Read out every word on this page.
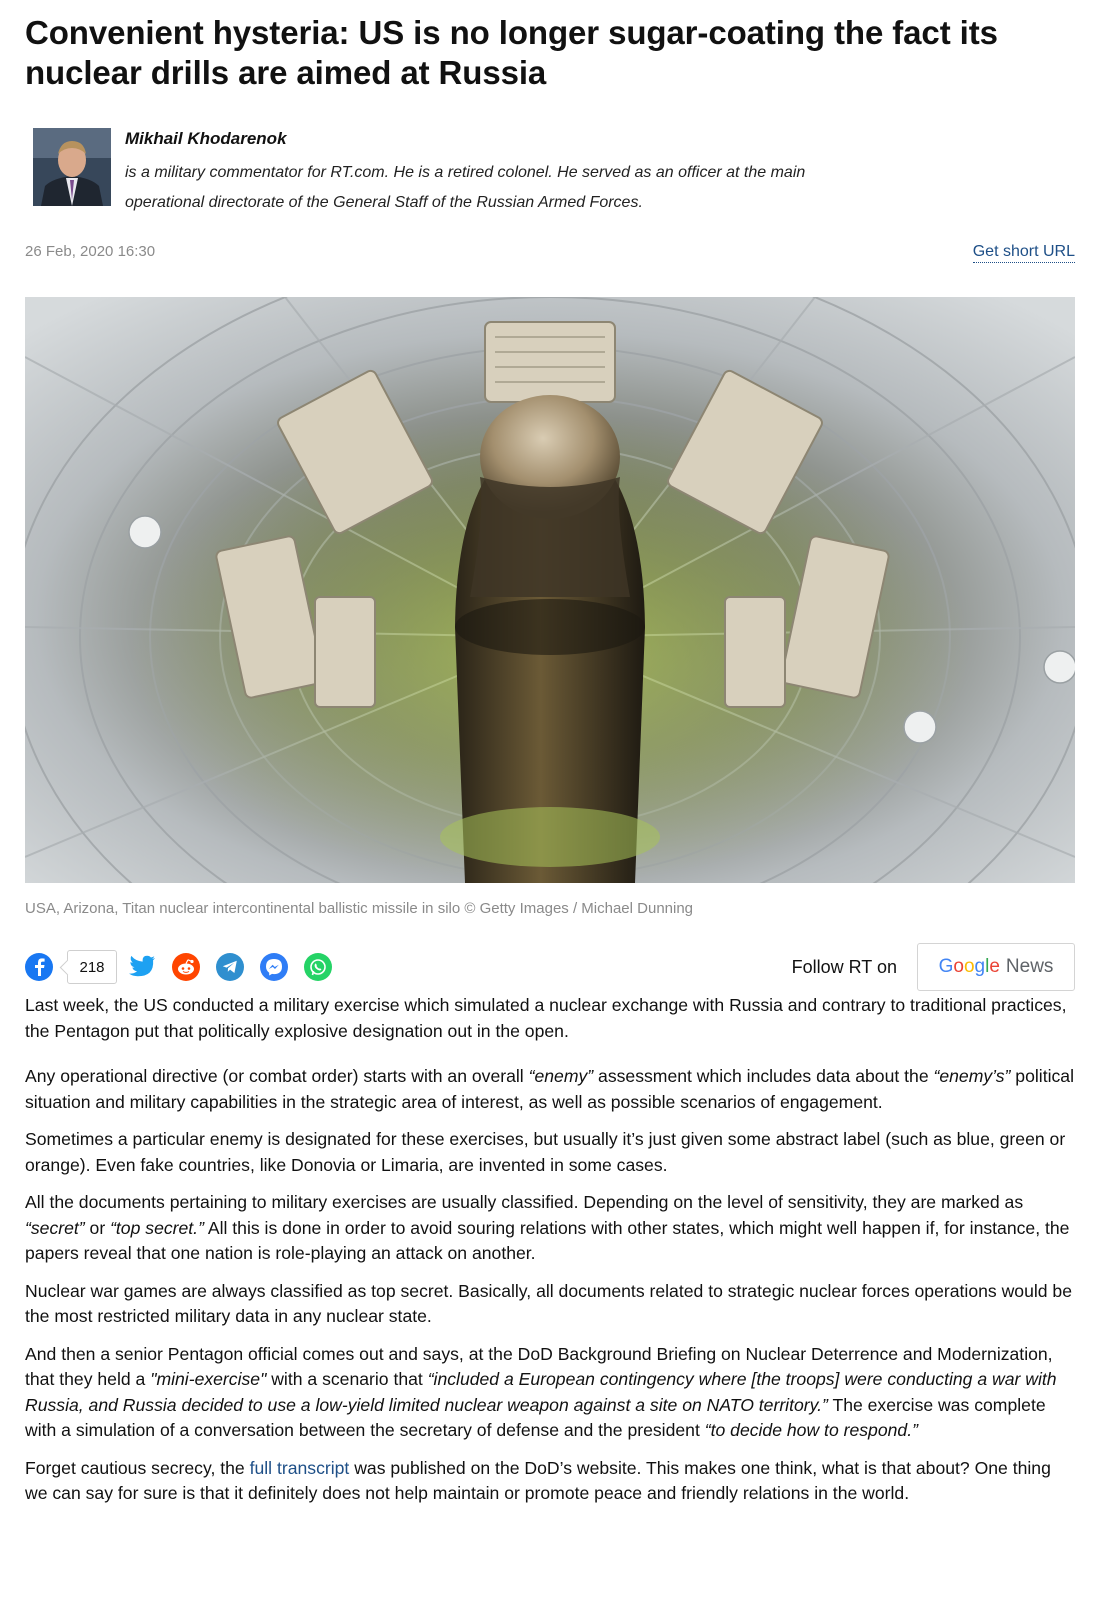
Convenient hysteria: US is no longer sugar-coating the fact its nuclear drills are aimed at Russia
Mikhail Khodarenok
is a military commentator for RT.com. He is a retired colonel. He served as an officer at the main operational directorate of the General Staff of the Russian Armed Forces.
26 Feb, 2020 16:30	Get short URL
USA, Arizona, Titan nuclear intercontinental ballistic missile in silo © Getty Images / Michael Dunning
218	Follow RT on Google News

Last week, the US conducted a military exercise which simulated a nuclear exchange with Russia and contrary to traditional practices, the Pentagon put that politically explosive designation out in the open.

Any operational directive (or combat order) starts with an overall “enemy” assessment which includes data about the “enemy’s” political situation and military capabilities in the strategic area of interest, as well as possible scenarios of engagement.

Sometimes a particular enemy is designated for these exercises, but usually it’s just given some abstract label (such as blue, green or orange). Even fake countries, like Donovia or Limaria, are invented in some cases.

All the documents pertaining to military exercises are usually classified. Depending on the level of sensitivity, they are marked as “secret” or “top secret.” All this is done in order to avoid souring relations with other states, which might well happen if, for instance, the papers reveal that one nation is role-playing an attack on another.

Nuclear war games are always classified as top secret. Basically, all documents related to strategic nuclear forces operations would be the most restricted military data in any nuclear state.

And then a senior Pentagon official comes out and says, at the DoD Background Briefing on Nuclear Deterrence and Modernization, that they held a "mini-exercise" with a scenario that “included a European contingency where [the troops] were conducting a war with Russia, and Russia decided to use a low-yield limited nuclear weapon against a site on NATO territory.” The exercise was complete with a simulation of a conversation between the secretary of defense and the president “to decide how to respond.”

Forget cautious secrecy, the full transcript was published on the DoD’s website. This makes one think, what is that about? One thing we can say for sure is that it definitely does not help maintain or promote peace and friendly relations in the world.
